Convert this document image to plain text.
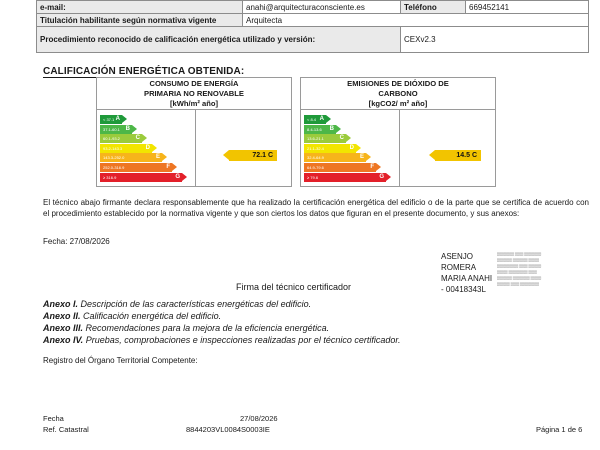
e-mail:	anahi@arquitecturaconsciente.es	Teléfono	669452141
Titulación habilitante según normativa vigente	Arquitecta		
Procedimiento reconocido de calificación energética utilizado y versión:		CEXv2.3	
CALIFICACIÓN ENERGÉTICA OBTENIDA:
CONSUMO DE ENERGÍA
PRIMARIA NO RENOVABLE
[kWh/m² año]
< 37.1 A
37.1-60.1 B
60.1-93.2	C
93.2-143.3	D
143.3-252.0	E
252.0-316.9	F
≥ 316.9	G
72.1 C
EMISIONES DE DIÓXIDO DE
CARBONO
[kgCO2/ m² año]
< 8.4 A
8.4-13.6 B
13.6-21.1	C
21.1-32.4	D
32.4-64.9	E
64.9-79.6	F
≥ 79.6	G
14.5 C
El técnico abajo firmante declara responsablemente que ha realizado la certificación energética del edificio o de la parte que se certifica de acuerdo con el procedimiento establecido por la normativa vigente y que son ciertos los datos que figuran en el presente documento, y sus anexos:
Fecha: 27/08/2026
ASENJO
ROMERA
MARIA ANAHI
- 00418343L
▒▒▒▒▒▒▒▒ ▒▒▒▒ ▒▒▒▒▒▒▒▒
▒▒▒▒▒▒▒ ▒▒▒▒▒▒▒ ▒▒▒▒▒
▒▒▒▒▒▒▒▒▒▒ ▒▒▒▒ ▒▒▒▒▒▒
▒▒▒▒▒ ▒▒▒▒▒▒▒▒▒ ▒▒▒▒
▒▒▒▒▒▒▒ ▒▒▒▒▒▒▒▒ ▒▒▒▒▒
▒▒▒▒▒▒ ▒▒▒▒ ▒▒▒▒▒▒▒▒▒
Firma del técnico certificador
Anexo I. Descripción de las características energéticas del edificio.
Anexo II. Calificación energética del edificio.
Anexo III. Recomendaciones para la mejora de la eficiencia energética.
Anexo IV. Pruebas, comprobaciones e inspecciones realizadas por el técnico certificador.
Registro del Órgano Territorial Competente:
Fecha	27/08/2026
Ref. Catastral	8844203VL0084S0003IE	Página 1 de 6
